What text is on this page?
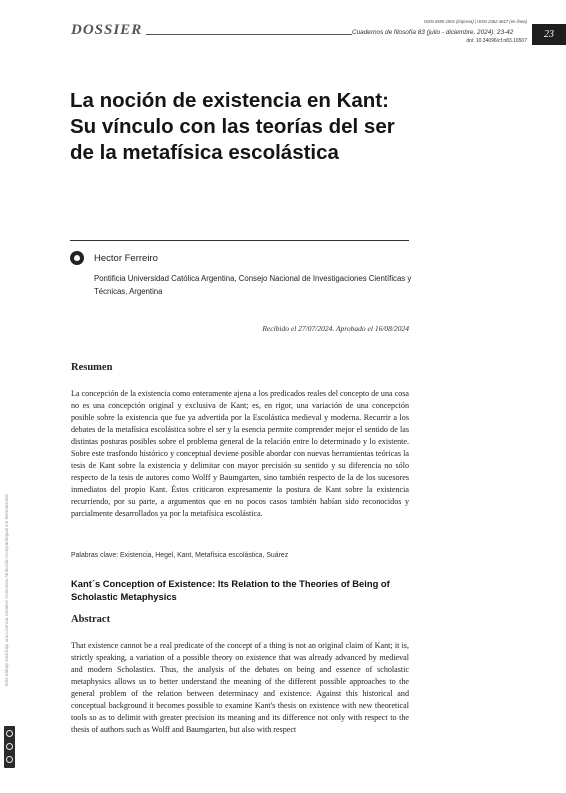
DOSSIER
ISSN 0590-1901 (impresa) | ISSN 2362-4817 (en línea)
Cuadernos de filosofía 83 (julio - diciembre, 2024): 23-42
doi: 10.34096/cf.n83.16507
23
La noción de existencia en Kant: Su vínculo con las teorías del ser de la metafísica escolástica
Hector Ferreiro
Pontificia Universidad Católica Argentina, Consejo Nacional de Investigaciones Científicas y Técnicas, Argentina
Recibido el 27/07/2024. Aprobado el 16/08/2024
Resumen
La concepción de la existencia como enteramente ajena a los predicados reales del concepto de una cosa no es una concepción original y exclusiva de Kant; es, en rigor, una variación de una concepción posible sobre la existencia que fue ya advertida por la Escolástica medieval y moderna. Recurrir a los debates de la metafísica escolástica sobre el ser y la esencia permite comprender mejor el sentido de las distintas posturas posibles sobre el problema general de la relación entre lo determinado y lo existente. Sobre este trasfondo histórico y conceptual deviene posible abordar con nuevas herramientas teóricas la tesis de Kant sobre la existencia y delimitar con mayor precisión su sentido y su diferencia no sólo respecto de la tesis de autores como Wolff y Baumgarten, sino también respecto de la de los sucesores inmediatos del propio Kant. Éstos criticaron expresamente la postura de Kant sobre la existencia recurriendo, por su parte, a argumentos que en no pocos casos también habían sido reconocidos y parcialmente desarrollados ya por la metafísica escolástica.
Palabras clave: Existencia, Hegel, Kant, Metafísica escolástica, Suárez
Kant´s Conception of Existence: Its Relation to the Theories of Being of Scholastic Metaphysics
Abstract
That existence cannot be a real predicate of the concept of a thing is not an original claim of Kant; it is, strictly speaking, a variation of a possible theory on existence that was already advanced by medieval and modern Scholastics. Thus, the analysis of the debates on being and essence of scholastic metaphysics allows us to better understand the meaning of the different possible approaches to the general problem of the relation between determinacy and existence. Against this historical and conceptual background it becomes possible to examine Kant's thesis on existence with new theoretical tools so as to delimit with greater precision its meaning and its difference not only with respect to the thesis of authors such as Wolff and Baumgarten, but also with respect
Este trabajo está bajo una Licencia Creative Commons Atribución-CompartirIgual 4.0 Internacional
